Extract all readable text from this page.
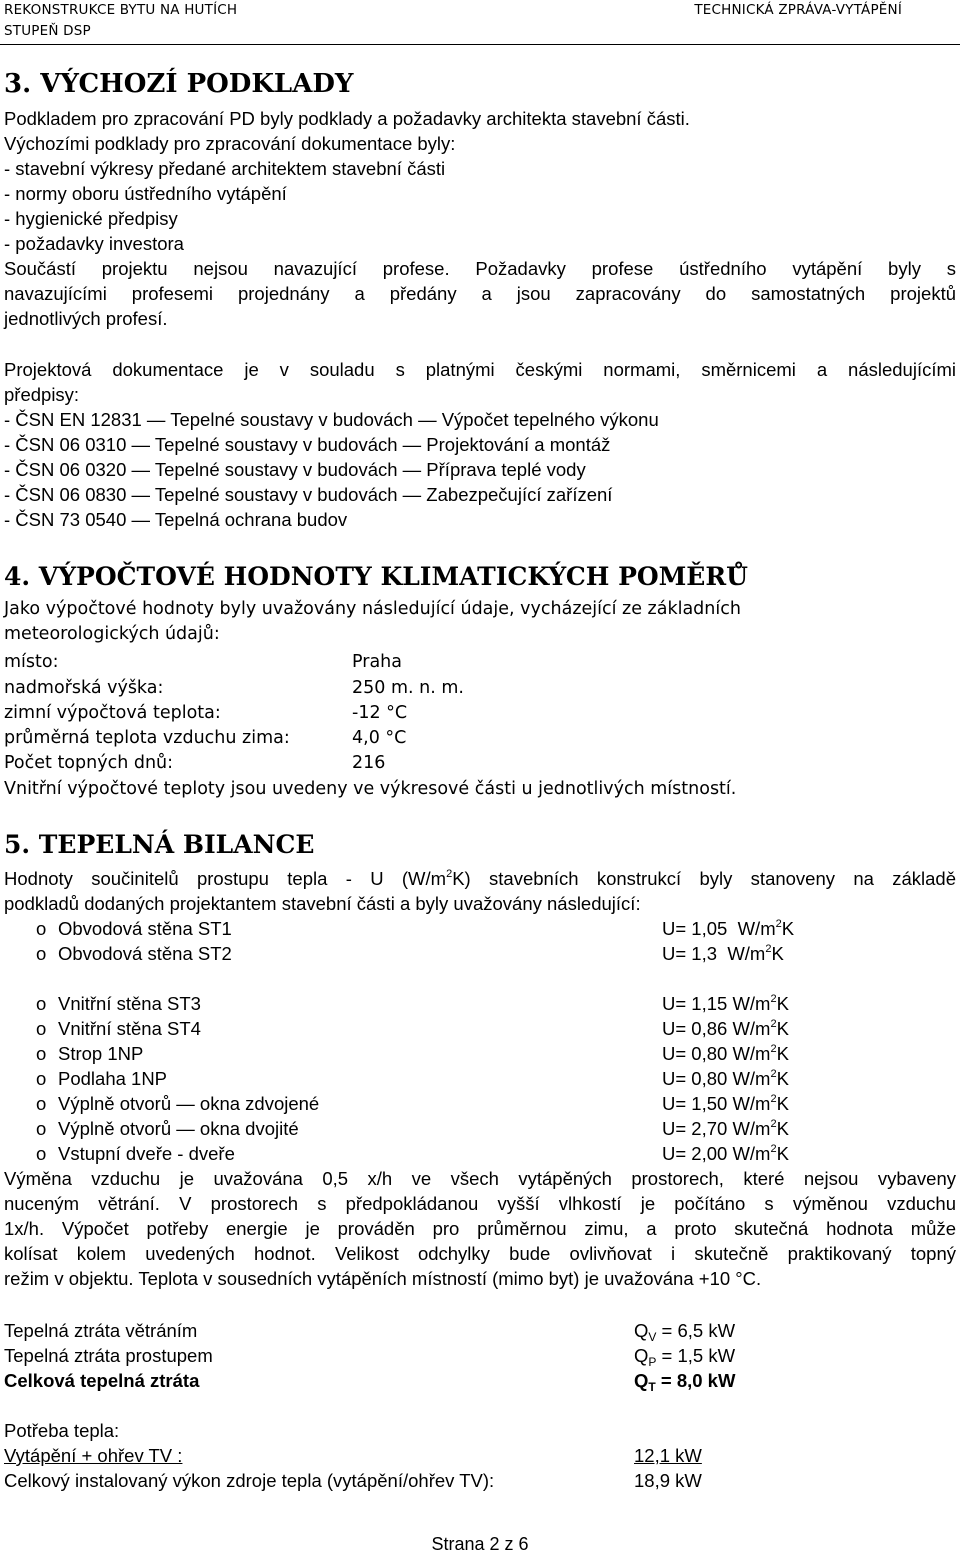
REKONSTRUKCE BYTU NA HUTÍCH
STUPEŇ DSP
TECHNICKÁ ZPRÁVA-VYTÁPĚNÍ
3. VÝCHOZÍ PODKLADY
Podkladem pro zpracování PD byly podklady a požadavky architekta stavební části.
Výchozími podklady pro zpracování dokumentace byly:
- stavební výkresy předané architektem stavební části
- normy oboru ústředního vytápění
- hygienické předpisy
- požadavky investora
Součástí projektu nejsou navazující profese. Požadavky profese ústředního vytápění byly s
navazujícími profesemi projednány a předány a jsou zapracovány do samostatných projektů
jednotlivých profesí.
Projektová dokumentace je v souladu s platnými českými normami, směrnicemi a následujícími
předpisy:
- ČSN EN 12831 — Tepelné soustavy v budovách — Výpočet tepelného výkonu
- ČSN 06 0310 — Tepelné soustavy v budovách — Projektování a montáž
- ČSN 06 0320 — Tepelné soustavy v budovách — Příprava teplé vody
- ČSN 06 0830 — Tepelné soustavy v budovách — Zabezpečující zařízení
- ČSN 73 0540 — Tepelná ochrana budov
4. VÝPOČTOVÉ HODNOTY KLIMATICKÝCH POMĚRŮ
Jako výpočtové hodnoty byly uvažovány následující údaje, vycházející ze základních
meteorologických údajů:
místo:	Praha
nadmořská výška:	250 m. n. m.
zimní výpočtová teplota:	-12 °C
průměrná teplota vzduchu zima:	4,0 °C
Počet topných dnů:	216
Vnitřní výpočtové teploty jsou uvedeny ve výkresové části u jednotlivých místností.
5. TEPELNÁ BILANCE
Hodnoty součinitelů prostupu tepla - U $(W/m^2K)$ stavebních konstrukcí byly stanoveny na základě
podkladů dodaných projektantem stavební části a byly uvažovány následující:
o Obvodová stěna ST1	U= 1,05 $W/m^2K$
o Obvodová stěna ST2	U= 1,3 $W/m^2K$
o Vnitřní stěna ST3	U= 1,15 $W/m^2K$
o Vnitřní stěna ST4	U= 0,86 $W/m^2K$
o Strop 1NP	U= 0,80 $W/m^2K$
o Podlaha 1NP	U= 0,80 $W/m^2K$
o Výplně otvorů — okna zdvojené	U= 1,50 $W/m^2K$
o Výplně otvorů — okna dvojité	U= 2,70 $W/m^2K$
o Vstupní dveře - dveře	U= 2,00 $W/m^2K$
Výměna vzduchu je uvažována 0,5 x/h ve všech vytápěných prostorech, které nejsou vybaveny
nuceným větrání. V prostorech s předpokládanou vyšší vlhkostí je počítáno s výměnou vzduchu
1x/h. Výpočet potřeby energie je prováděn pro průměrnou zimu, a proto skutečná hodnota může
kolísat kolem uvedených hodnot. Velikost odchylky bude ovlivňovat i skutečně praktikovaný topný
režim v objektu. Teplota v sousedních vytápěních místností (mimo byt) je uvažována +10 °C.
Tepelná ztráta větráním	$Q_V = 6,5$ kW
Tepelná ztráta prostupem	$Q_P = 1,5$ kW
Celková tepelná ztráta	$Q_T = 8,0$ kW
Potřeba tepla:
Vytápění + ohřev TV :	12,1 kW
Celkový instalovaný výkon zdroje tepla (vytápění/ohřev TV):	18,9 kW
Strana 2 z 6
